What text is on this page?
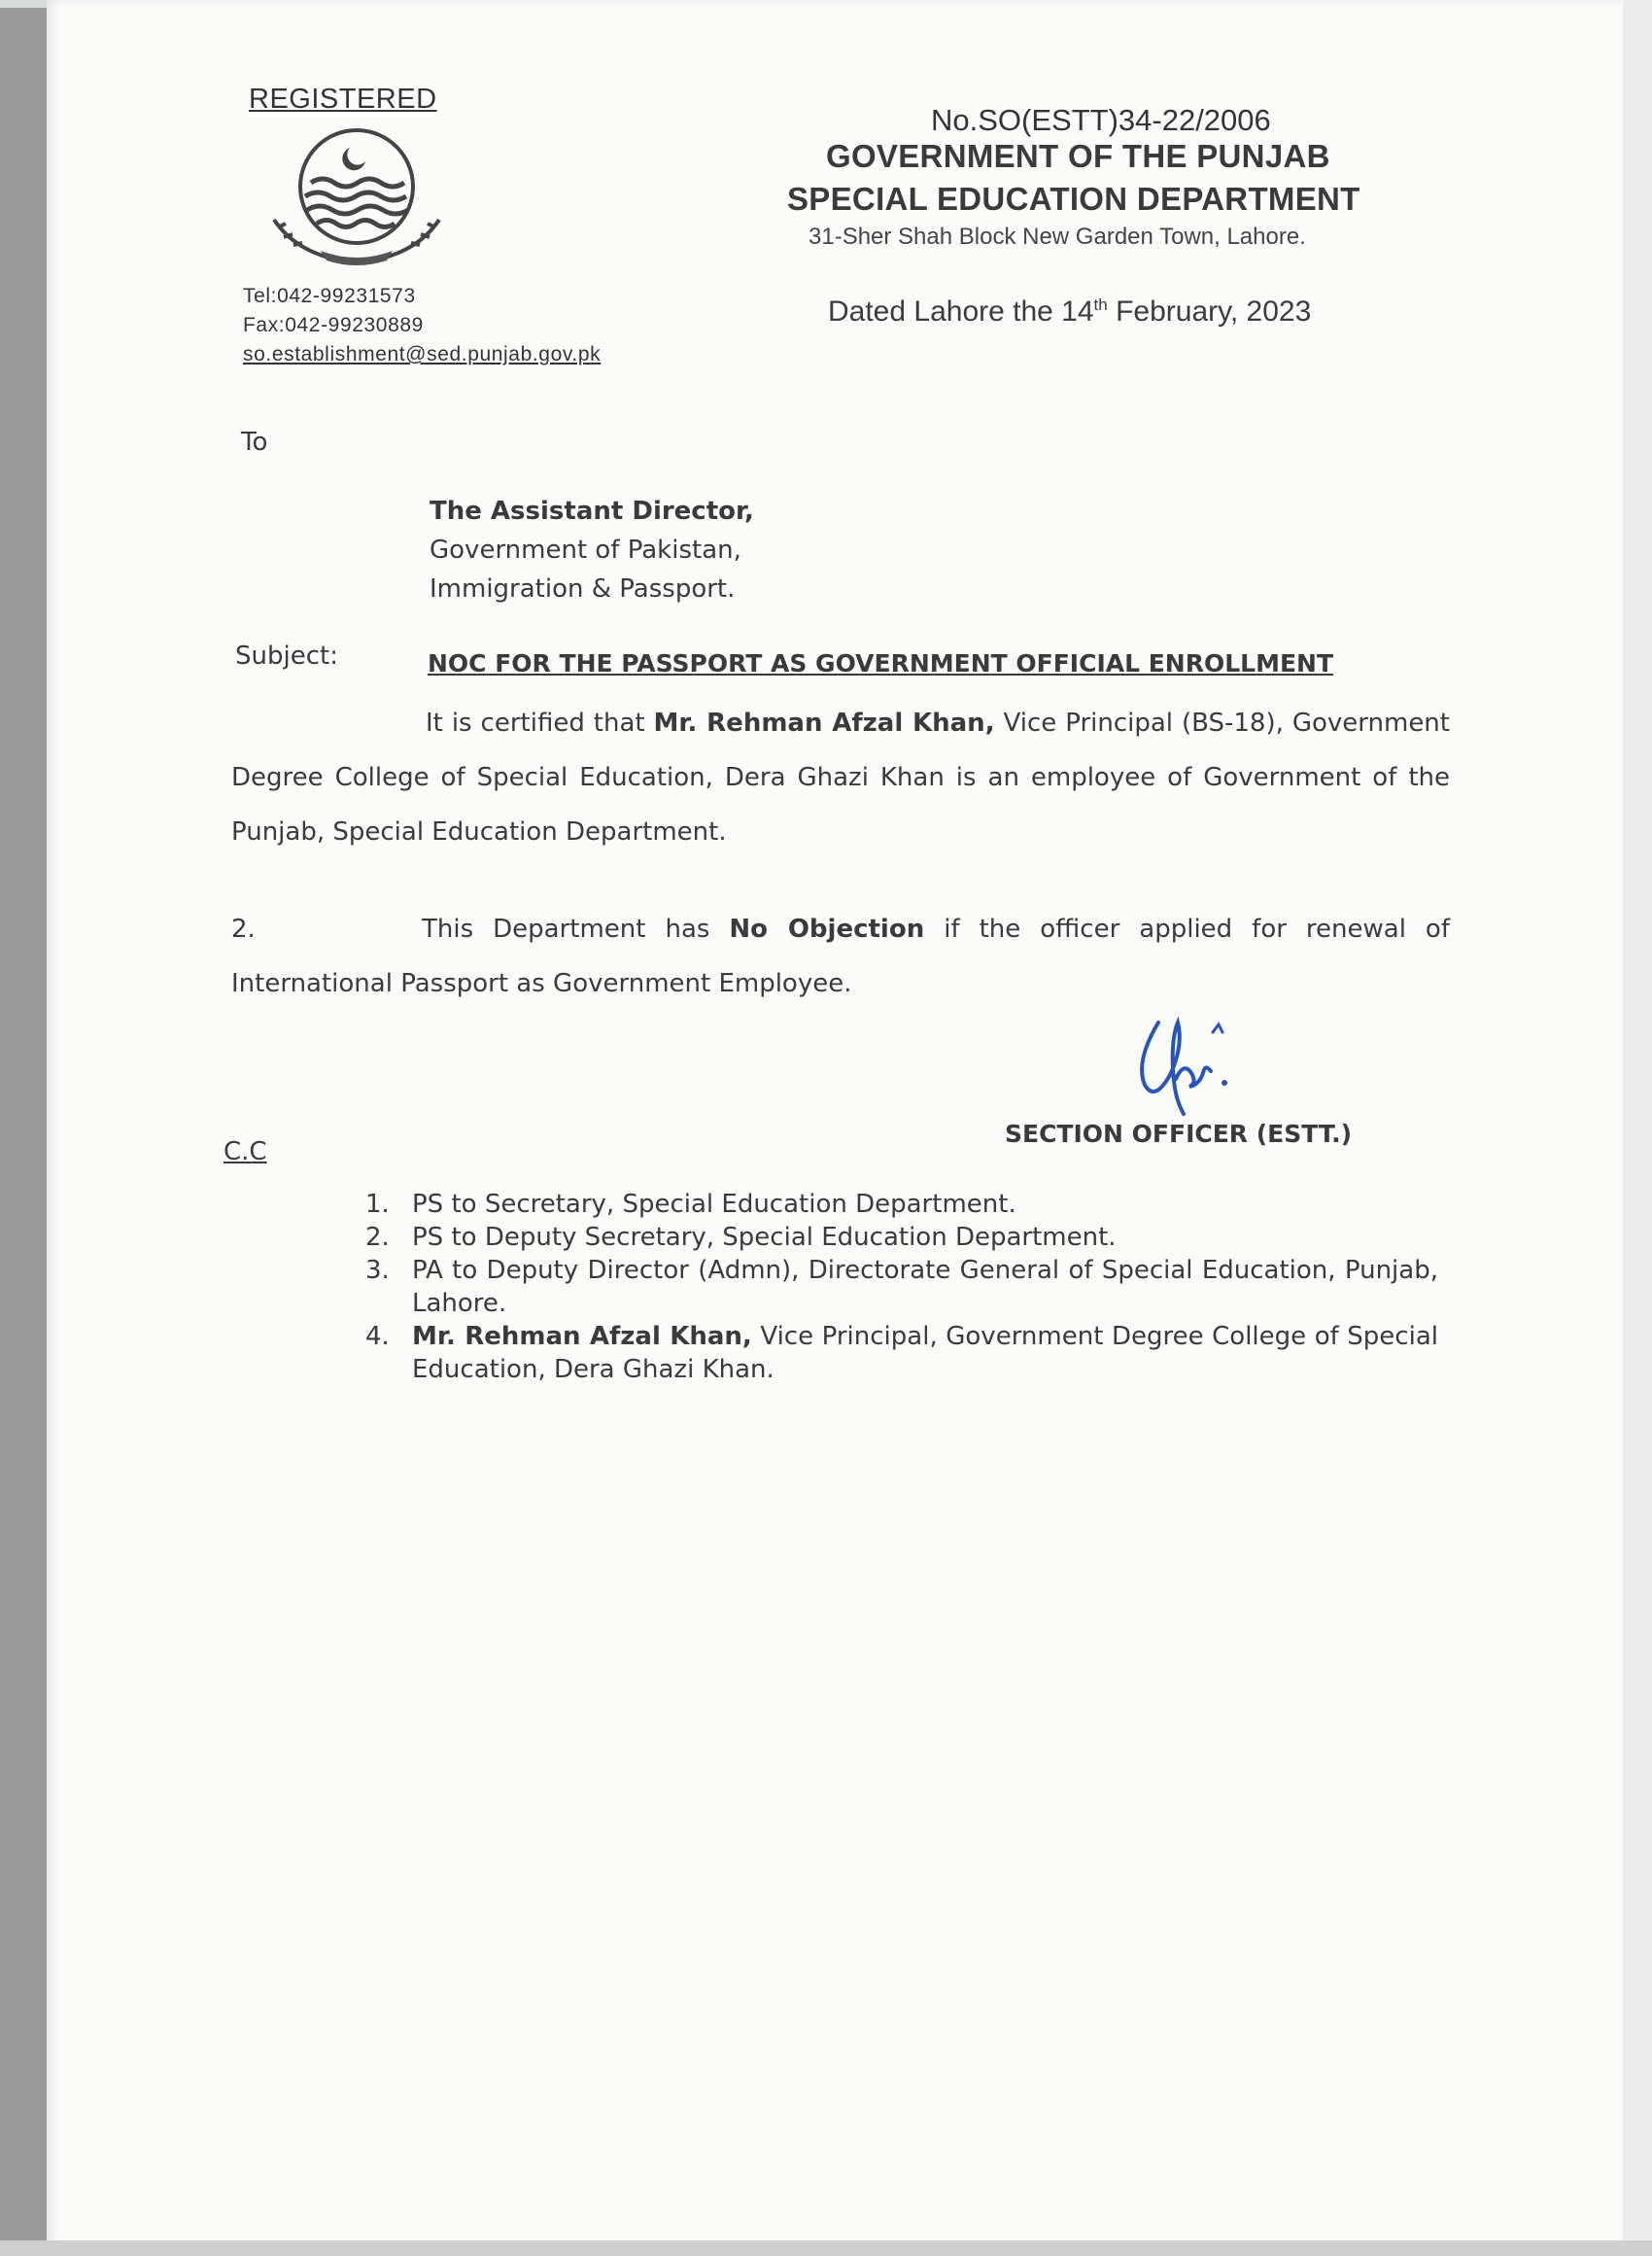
REGISTERED
Tel:042-99231573
Fax:042-99230889
so.establishment@sed.punjab.gov.pk
No.SO(ESTT)34-22/2006
GOVERNMENT OF THE PUNJAB
SPECIAL EDUCATION DEPARTMENT
31-Sher Shah Block New Garden Town, Lahore.
Dated Lahore the 14th February, 2023
To
The Assistant Director,
Government of Pakistan,
Immigration & Passport.
Subject:	NOC FOR THE PASSPORT AS GOVERNMENT OFFICIAL ENROLLMENT
It is certified that Mr. Rehman Afzal Khan, Vice Principal (BS-18), Government Degree College of Special Education, Dera Ghazi Khan is an employee of Government of the Punjab, Special Education Department.
2.	This Department has No Objection if the officer applied for renewal of International Passport as Government Employee.
SECTION OFFICER (ESTT.)
C.C
1. PS to Secretary, Special Education Department.
2. PS to Deputy Secretary, Special Education Department.
3. PA to Deputy Director (Admn), Directorate General of Special Education, Punjab, Lahore.
4. Mr. Rehman Afzal Khan, Vice Principal, Government Degree College of Special Education, Dera Ghazi Khan.
